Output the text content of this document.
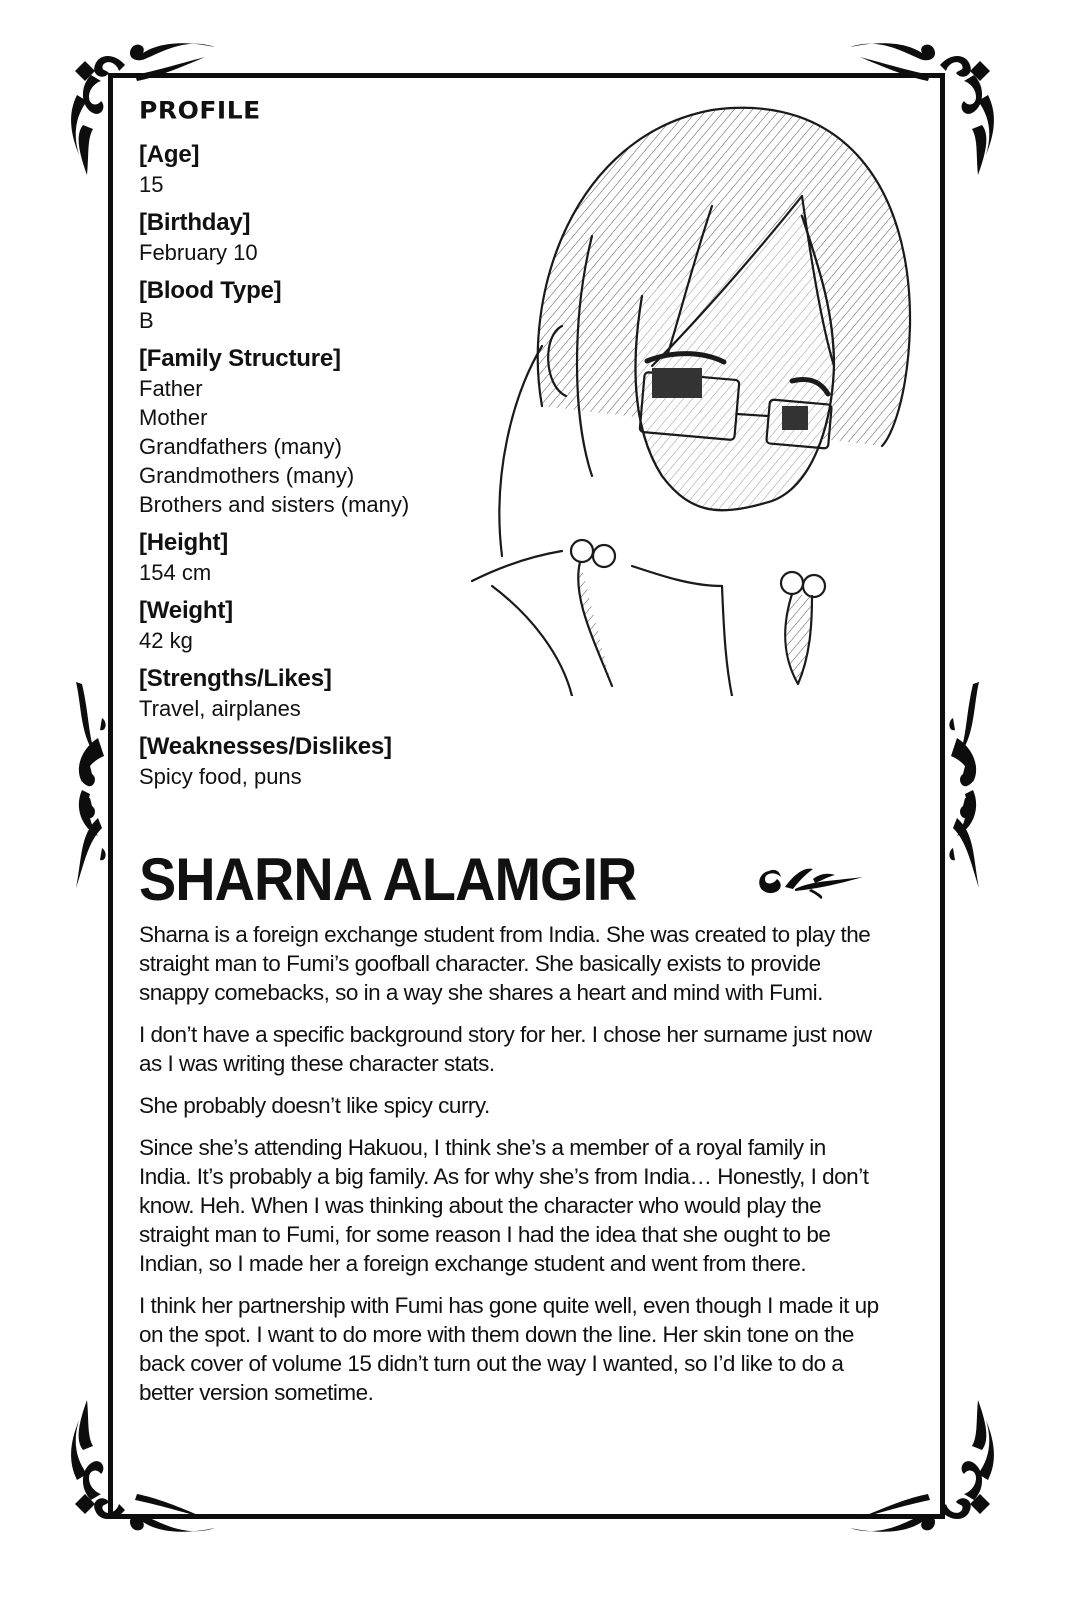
PROFILE
[Age]
15
[Birthday]
February 10
[Blood Type]
B
[Family Structure]
Father
Mother
Grandfathers (many)
Grandmothers (many)
Brothers and sisters (many)
[Height]
154 cm
[Weight]
42 kg
[Strengths/Likes]
Travel, airplanes
[Weaknesses/Dislikes]
Spicy food, puns
SHARNA ALAMGIR

Sharna is a foreign exchange student from India. She was created to play the straight man to Fumi’s goofball character. She basically exists to provide snappy comebacks, so in a way she shares a heart and mind with Fumi.

I don’t have a specific background story for her. I chose her surname just now as I was writing these character stats.

She probably doesn’t like spicy curry.

Since she’s attending Hakuou, I think she’s a member of a royal family in India. It’s probably a big family. As for why she’s from India… Honestly, I don’t know. Heh. When I was thinking about the character who would play the straight man to Fumi, for some reason I had the idea that she ought to be Indian, so I made her a foreign exchange student and went from there.

I think her partnership with Fumi has gone quite well, even though I made it up on the spot. I want to do more with them down the line. Her skin tone on the back cover of volume 15 didn’t turn out the way I wanted, so I’d like to do a better version sometime.
